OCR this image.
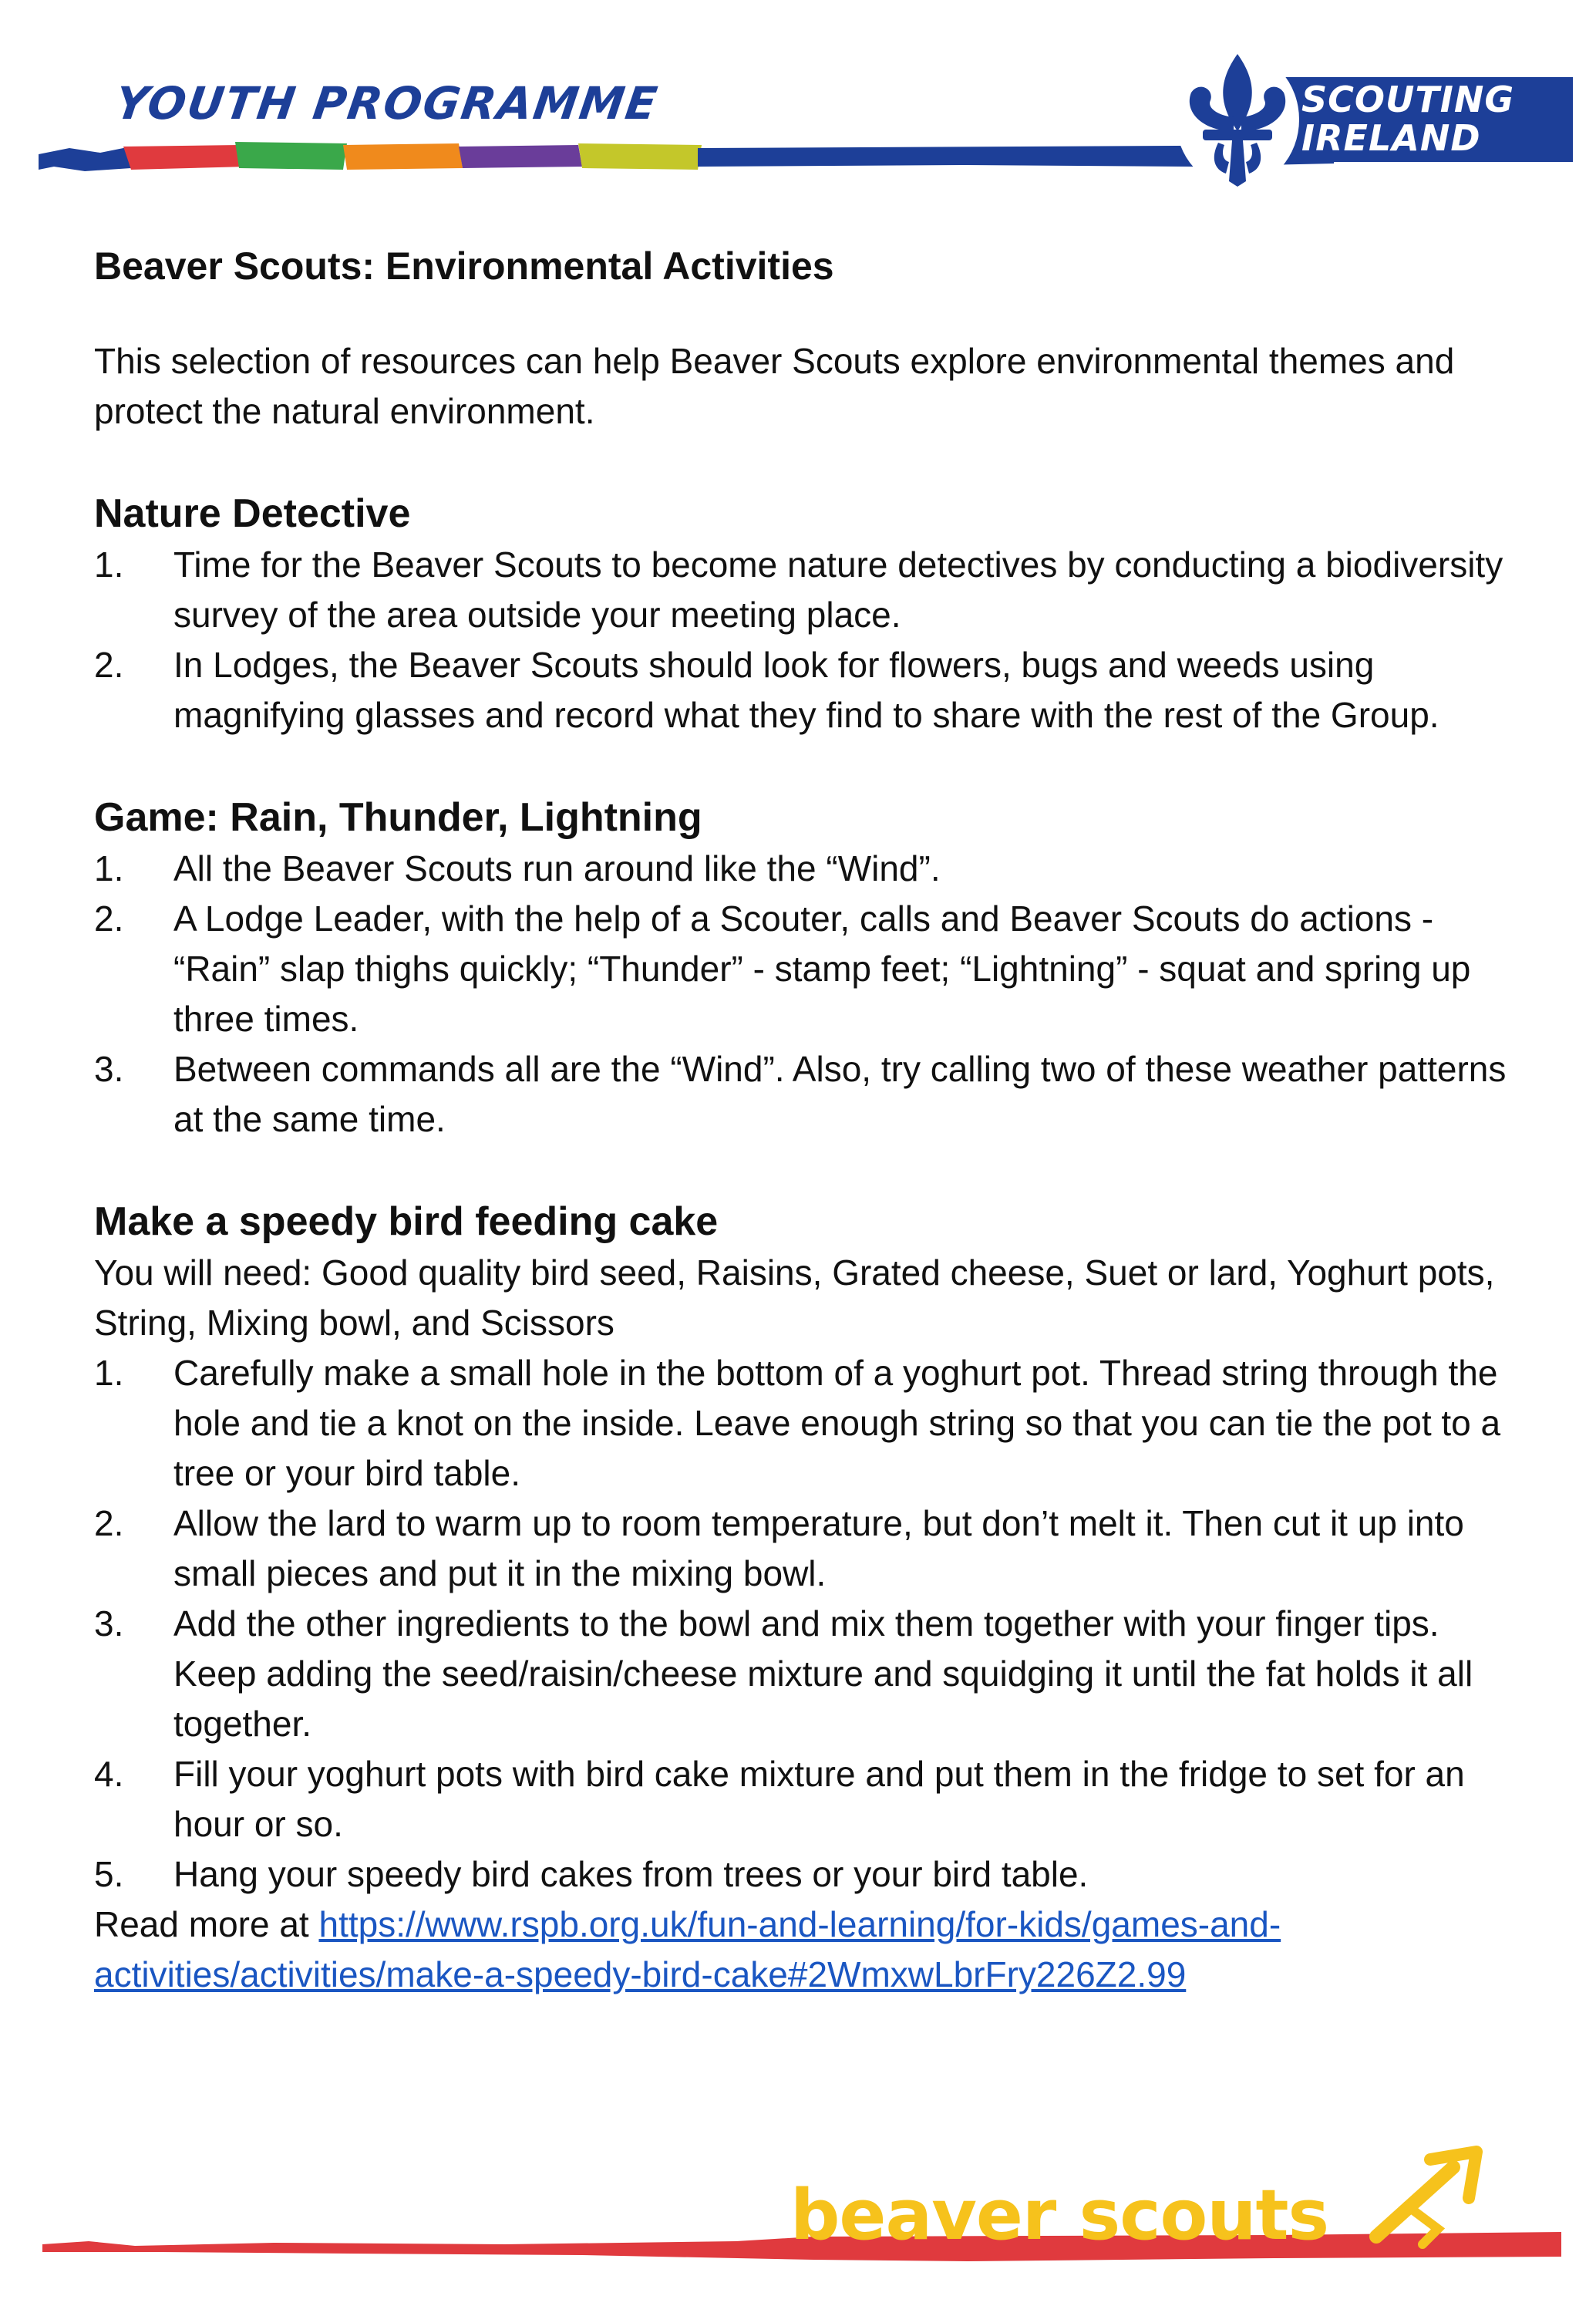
YOUTH PROGRAMME	SCOUTING
IRELAND
Beaver Scouts: Environmental Activities

This selection of resources can help Beaver Scouts explore environmental themes and protect the natural environment.

Nature Detective
1. Time for the Beaver Scouts to become nature detectives by conducting a biodiversity survey of the area outside your meeting place.
2. In Lodges, the Beaver Scouts should look for flowers, bugs and weeds using magnifying glasses and record what they find to share with the rest of the Group.
Game: Rain, Thunder, Lightning
1. All the Beaver Scouts run around like the “Wind”.
2. A Lodge Leader, with the help of a Scouter, calls and Beaver Scouts do actions - “Rain” slap thighs quickly; “Thunder” - stamp feet; “Lightning” - squat and spring up three times.
3. Between commands all are the “Wind”. Also, try calling two of these weather patterns at the same time.
Make a speedy bird feeding cake

You will need: Good quality bird seed, Raisins, Grated cheese, Suet or lard, Yoghurt pots, String, Mixing bowl, and Scissors

1. Carefully make a small hole in the bottom of a yoghurt pot. Thread string through the hole and tie a knot on the inside. Leave enough string so that you can tie the pot to a tree or your bird table.
2. Allow the lard to warm up to room temperature, but don’t melt it. Then cut it up into small pieces and put it in the mixing bowl.
3. Add the other ingredients to the bowl and mix them together with your finger tips. Keep adding the seed/raisin/cheese mixture and squidging it until the fat holds it all together.
4. Fill your yoghurt pots with bird cake mixture and put them in the fridge to set for an hour or so.
5. Hang your speedy bird cakes from trees or your bird table.

Read more at https://www.rspb.org.uk/fun-and-learning/for-kids/games-and-activities/activities/make-a-speedy-bird-cake#2WmxwLbrFry226Z2.99

beaver scouts
